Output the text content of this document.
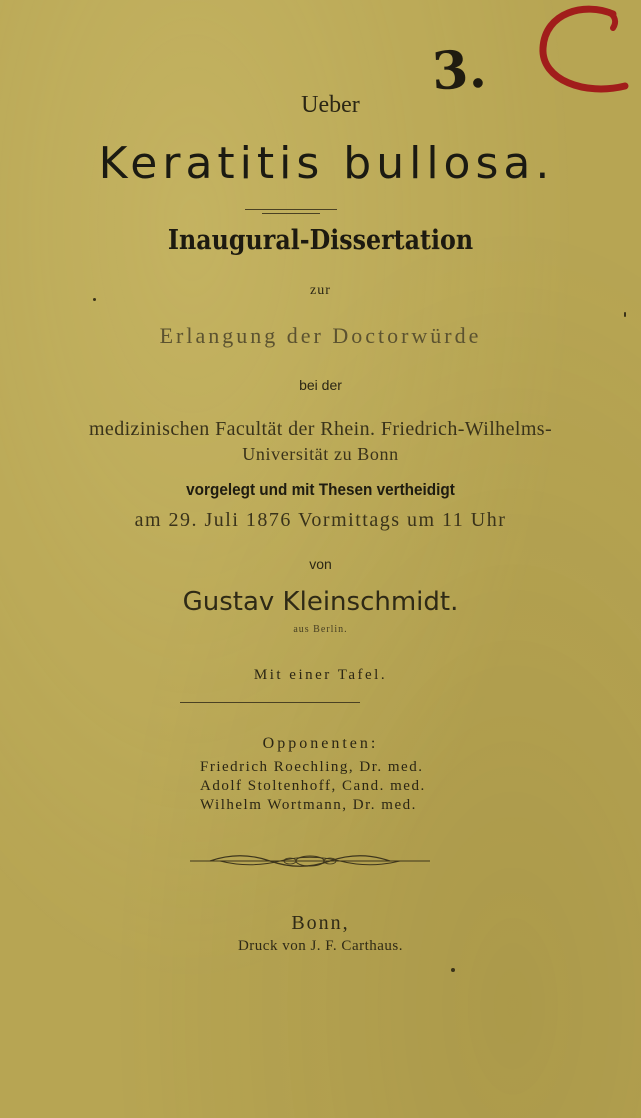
3.
Ueber
Keratitis bullosa.
Inaugural-Dissertation
zur
Erlangung der Doctorwürde
bei der
medizinischen Facultät der Rhein. Friedrich-Wilhelms-
Universität zu Bonn
vorgelegt und mit Thesen vertheidigt
am 29. Juli 1876 Vormittags um 11 Uhr
von
Gustav Kleinschmidt.
aus Berlin.
Mit einer Tafel.
Opponenten:
Friedrich Roechling, Dr. med.
Adolf Stoltenhoff, Cand. med.
Wilhelm Wortmann, Dr. med.
Bonn,
Druck von J. F. Carthaus.
